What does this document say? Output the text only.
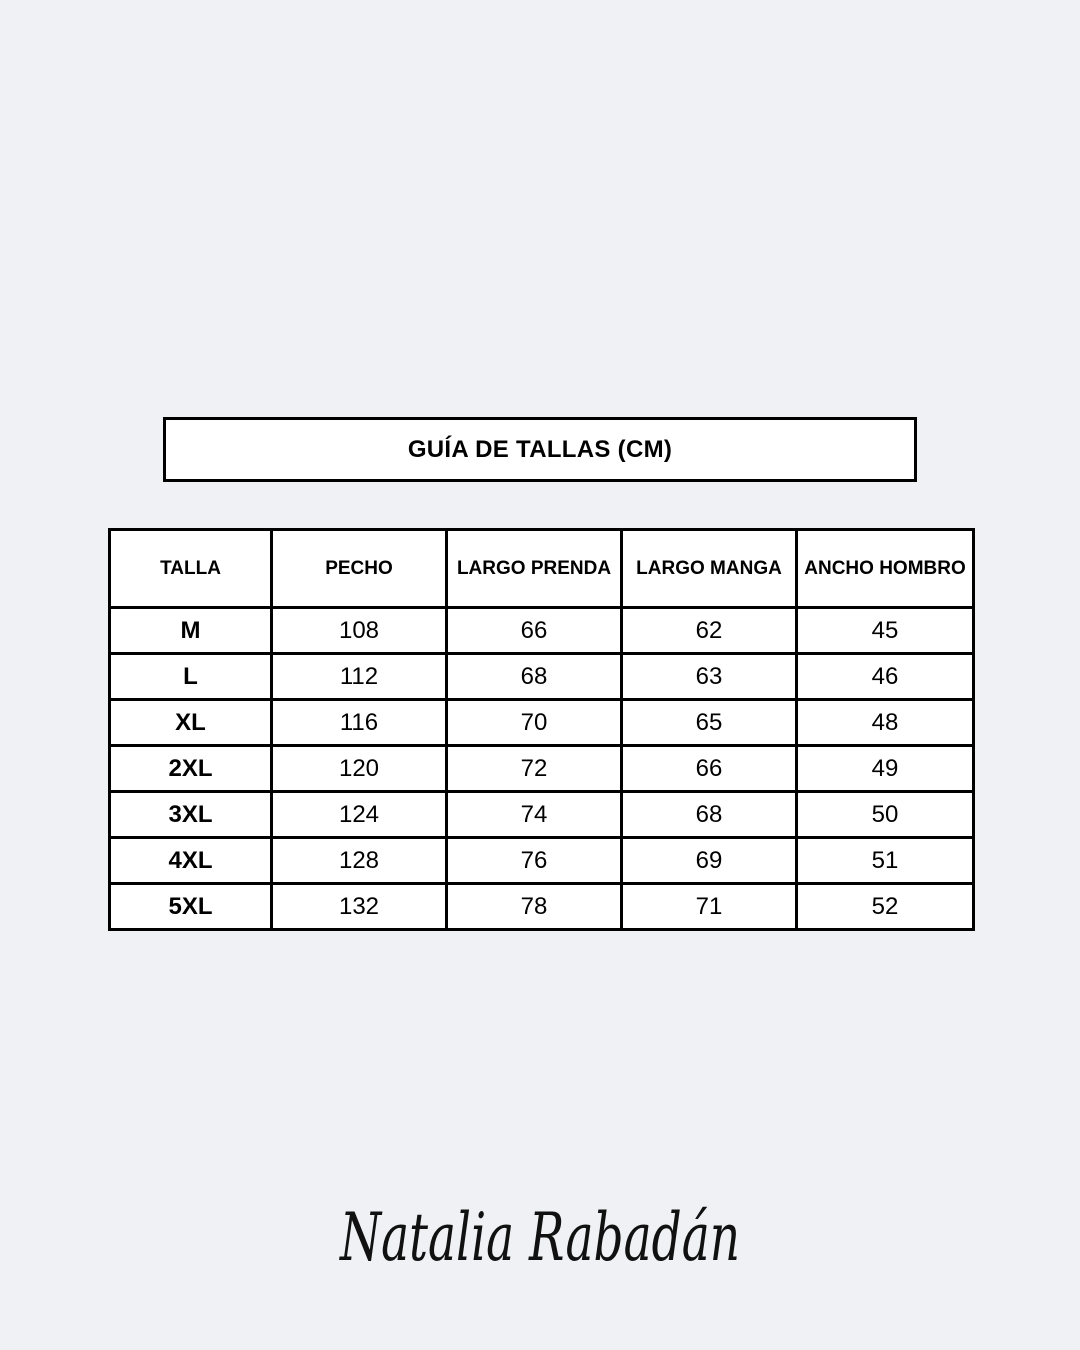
GUÍA DE TALLAS (CM)
TALLA	PECHO	LARGO PRENDA	LARGO MANGA	ANCHO HOMBRO
M	108	66	62	45
L	112	68	63	46
XL	116	70	65	48
2XL	120	72	66	49
3XL	124	74	68	50
4XL	128	76	69	51
5XL	132	78	71	52
Natalia Rabadán
